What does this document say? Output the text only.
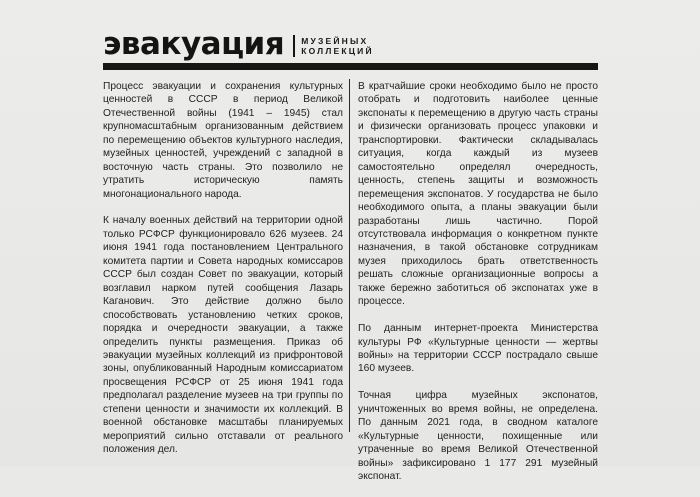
эвакуация МУЗЕЙНЫХ
КОЛЛЕКЦИЙ

Процесс эвакуации и сохранения культурных ценностей в СССР в период Великой Отечественной войны (1941 – 1945) стал крупномасштабным организованным действием по перемещению объектов культурного наследия, музейных ценностей, учреждений с западной в восточную часть страны. Это позволило не утратить историческую память многонационального народа.

К началу военных действий на территории одной только РСФСР функционировало 626 музеев. 24 июня 1941 года постановлением Центрального комитета партии и Совета народных комиссаров СССР был создан Совет по эвакуации, который возглавил нарком путей сообщения Лазарь Каганович. Это действие должно было способствовать установлению четких сроков, порядка и очередности эвакуации, а также определить пункты размещения. Приказ об эвакуации музейных коллекций из прифронтовой зоны, опубликованный Народным комиссариатом просвещения РСФСР от 25 июня 1941 года предполагал разделение музеев на три группы по степени ценности и значимости их коллекций. В военной обстановке масштабы планируемых мероприятий сильно отставали от реального положения дел.

В кратчайшие сроки необходимо было не просто отобрать и подготовить наиболее ценные экспонаты к перемещению в другую часть страны и физически организовать процесс упаковки и транспортировки. Фактически складывалась ситуация, когда каждый из музеев самостоятельно определял очередность, ценность, степень защиты и возможность перемещения экспонатов. У государства не было необходимого опыта, а планы эвакуации были разработаны лишь частично. Порой отсутствовала информация о конкретном пункте назначения, в такой обстановке сотрудникам музея приходилось брать ответственность решать сложные организационные вопросы а также бережно заботиться об экспонатах уже в процессе.

По данным интернет-проекта Министерства культуры РФ «Культурные ценности — жертвы войны» на территории СССР пострадало свыше 160 музеев.

Точная цифра музейных экспонатов, уничтоженных во время войны, не определена. По данным 2021 года, в сводном каталоге «Культурные ценности, похищенные или утраченные во время Великой Отечественной войны» зафиксировано 1 177 291 музейный экспонат.
